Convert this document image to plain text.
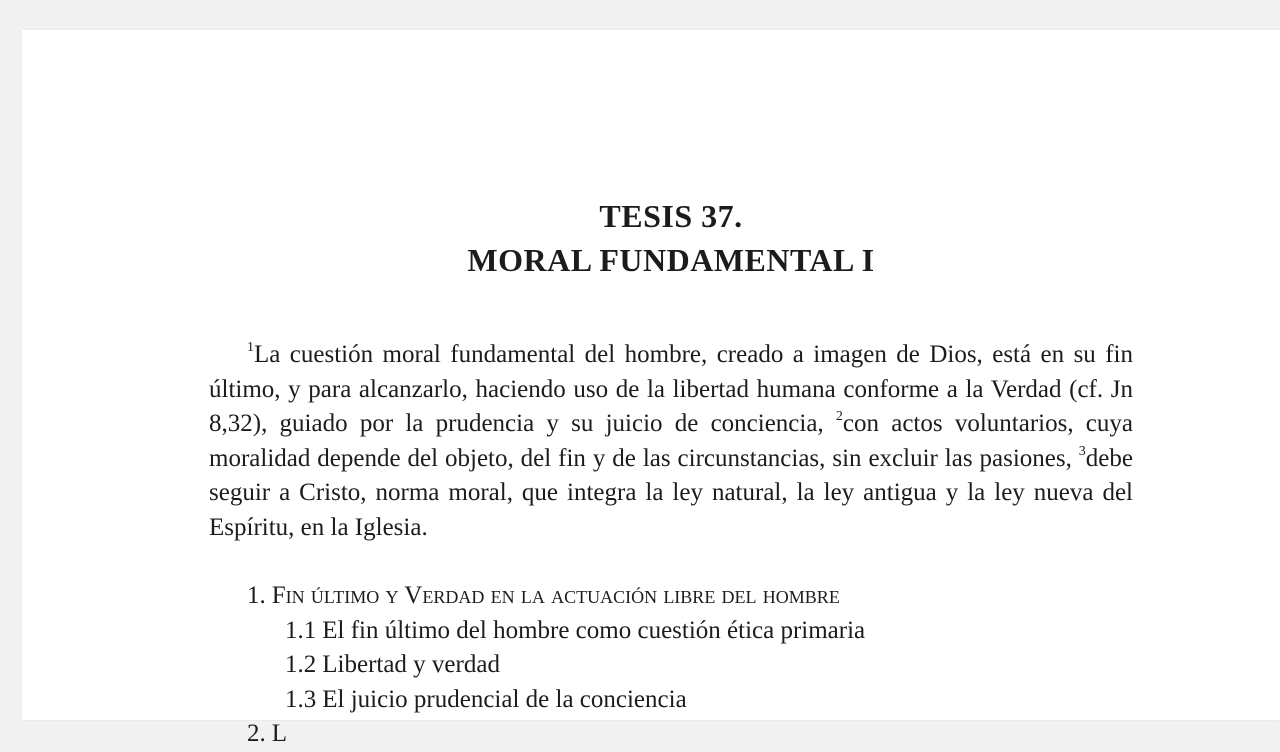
TESIS 37.
MORAL FUNDAMENTAL I

$^1$La cuestión moral fundamental del hombre, creado a imagen de Dios, está en su fin último, y para alcanzarlo, haciendo uso de la libertad humana conforme a la Verdad (cf. Jn 8,32), guiado por la prudencia y su juicio de conciencia, $^2$con actos voluntarios, cuya moralidad depende del objeto, del fin y de las circunstancias, sin excluir las pasiones, $^3$debe seguir a Cristo, norma moral, que integra la ley natural, la ley antigua y la ley nueva del Espíritu, en la Iglesia.

1. Fin último y Verdad en la actuación libre del hombre
1.1 El fin último del hombre como cuestión ética primaria
1.2 Libertad y verdad
1.3 El juicio prudencial de la conciencia
2. L
